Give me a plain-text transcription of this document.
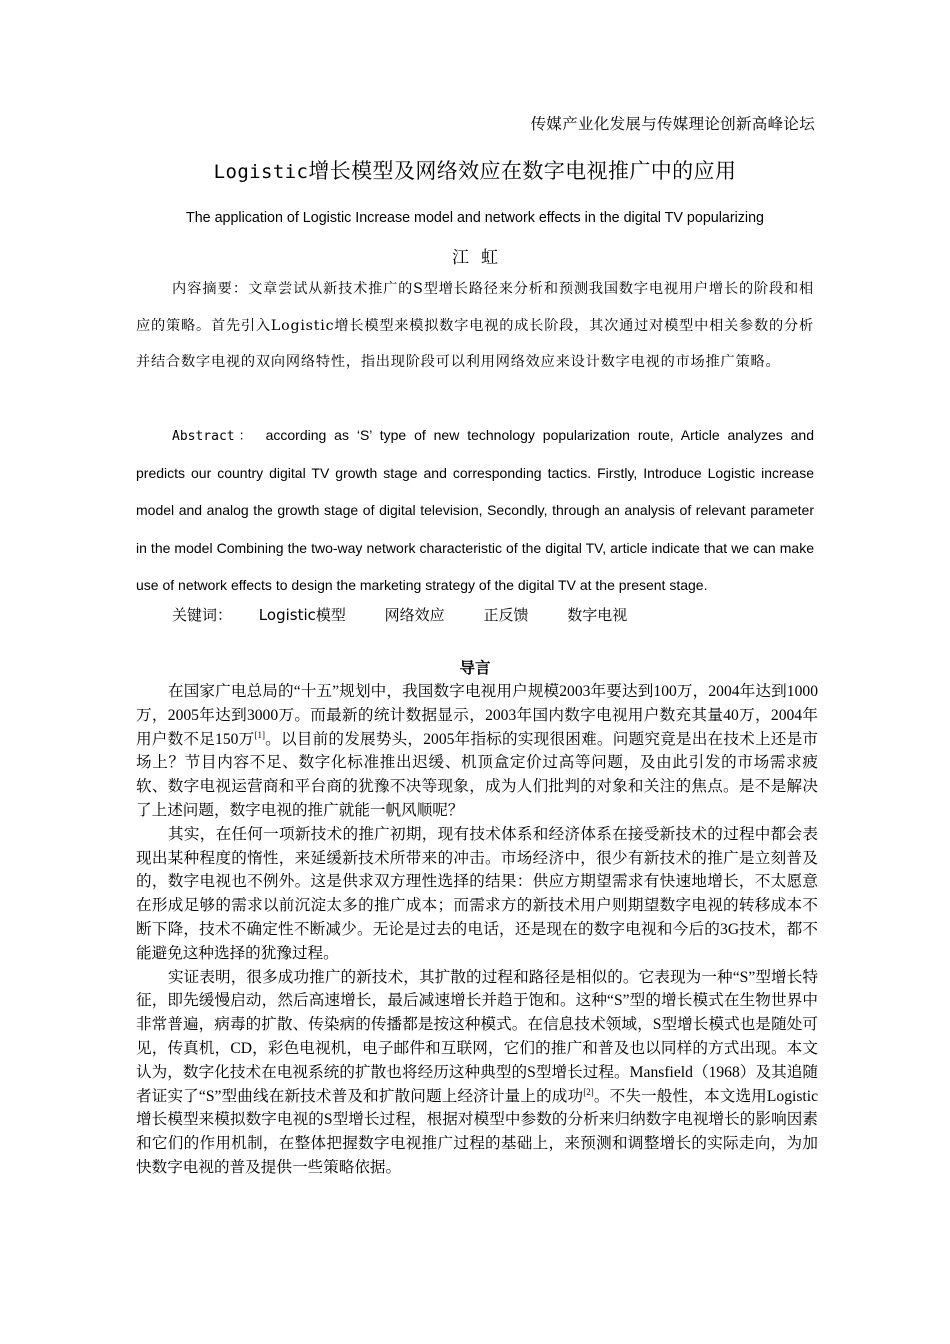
传媒产业化发展与传媒理论创新高峰论坛
Logistic增长模型及网络效应在数字电视推广中的应用
The application of Logistic Increase model and network effects in the digital TV popularizing
江虹
内容摘要：文章尝试从新技术推广的S型增长路径来分析和预测我国数字电视用户增长的阶段和相应的策略。首先引入Logistic增长模型来模拟数字电视的成长阶段，其次通过对模型中相关参数的分析并结合数字电视的双向网络特性，指出现阶段可以利用网络效应来设计数字电视的市场推广策略。
Abstract： according as ‘S’ type of new technology popularization route, Article analyzes and predicts our country digital TV growth stage and corresponding tactics. Firstly, Introduce Logistic increase model and analog the growth stage of digital television, Secondly, through an analysis of relevant parameter in the model Combining the two-way network characteristic of the digital TV, article indicate that we can make use of network effects to design the marketing strategy of the digital TV at the present stage.
关键词： Logistic模型	网络效应	正反馈	数字电视
导言

在国家广电总局的“十五”规划中，我国数字电视用户规模2003年要达到100万，2004年达到1000万，2005年达到3000万。而最新的统计数据显示，2003年国内数字电视用户数充其量40万，2004年用户数不足150万[1]。以目前的发展势头，2005年指标的实现很困难。问题究竟是出在技术上还是市场上？节目内容不足、数字化标准推出迟缓、机顶盒定价过高等问题，及由此引发的市场需求疲软、数字电视运营商和平台商的犹豫不决等现象，成为人们批判的对象和关注的焦点。是不是解决了上述问题，数字电视的推广就能一帆风顺呢？

其实，在任何一项新技术的推广初期，现有技术体系和经济体系在接受新技术的过程中都会表现出某种程度的惰性，来延缓新技术所带来的冲击。市场经济中，很少有新技术的推广是立刻普及的，数字电视也不例外。这是供求双方理性选择的结果：供应方期望需求有快速地增长，不太愿意在形成足够的需求以前沉淀太多的推广成本；而需求方的新技术用户则期望数字电视的转移成本不断下降，技术不确定性不断减少。无论是过去的电话，还是现在的数字电视和今后的3G技术，都不能避免这种选择的犹豫过程。

实证表明，很多成功推广的新技术，其扩散的过程和路径是相似的。它表现为一种“S”型增长特征，即先缓慢启动，然后高速增长，最后减速增长并趋于饱和。这种“S”型的增长模式在生物世界中非常普遍，病毒的扩散、传染病的传播都是按这种模式。在信息技术领域，S型增长模式也是随处可见，传真机，CD，彩色电视机，电子邮件和互联网，它们的推广和普及也以同样的方式出现。本文认为，数字化技术在电视系统的扩散也将经历这种典型的S型增长过程。Mansfield（1968）及其追随者证实了“S”型曲线在新技术普及和扩散问题上经济计量上的成功[2]。不失一般性，本文选用Logistic增长模型来模拟数字电视的S型增长过程，根据对模型中参数的分析来归纳数字电视增长的影响因素和它们的作用机制，在整体把握数字电视推广过程的基础上，来预测和调整增长的实际走向，为加快数字电视的普及提供一些策略依据。
